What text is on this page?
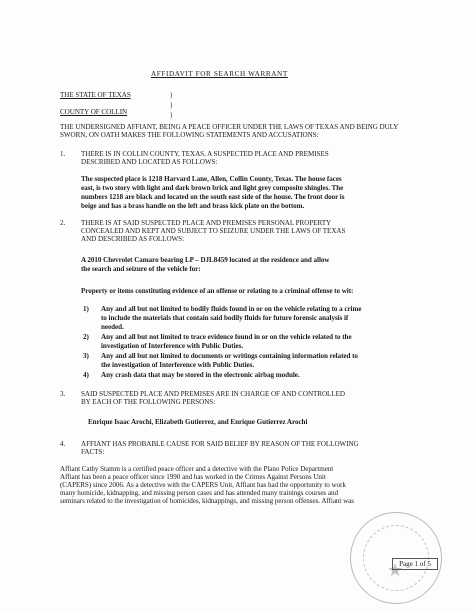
AFFIDAVIT FOR SEARCH WARRANT
THE STATE OF TEXAS	)
)
COUNTY OF COLLIN	)
THE UNDERSIGNED AFFIANT, BEING A PEACE OFFICER UNDER THE LAWS OF TEXAS AND BEING DULY
SWORN, ON OATH MAKES THE FOLLOWING STATEMENTS AND ACCUSATIONS:
1. THERE IS IN COLLIN COUNTY, TEXAS, A SUSPECTED PLACE AND PREMISES
DESCRIBED AND LOCATED AS FOLLOWS:
The suspected place is 1218 Harvard Lane, Allen, Collin County, Texas. The house faces
east, is two story with light and dark brown brick and light grey composite shingles. The
numbers 1218 are black and located on the south east side of the house. The front door is
beige and has a brass handle on the left and brass kick plate on the bottom.
2. THERE IS AT SAID SUSPECTED PLACE AND PREMISES PERSONAL PROPERTY
CONCEALED AND KEPT AND SUBJECT TO SEIZURE UNDER THE LAWS OF TEXAS
AND DESCRIBED AS FOLLOWS:
A 2010 Chevrolet Camaro bearing LP – DJL8459 located at the residence and allow
the search and seizure of the vehicle for:
Property or items constituting evidence of an offense or relating to a criminal offense to wit:
1) Any and all but not limited to bodily fluids found in or on the vehicle relating to a crime
to include the materials that contain said bodily fluids for future forensic analysis if
needed.
2) Any and all but not limited to trace evidence found in or on the vehicle related to the
investigation of Interference with Public Duties.
3) Any and all but not limited to documents or writings containing information related to
the investigation of Interference with Public Duties.
4) Any crash data that may be stored in the electronic airbag module.
3. SAID SUSPECTED PLACE AND PREMISES ARE IN CHARGE OF AND CONTROLLED
BY EACH OF THE FOLLOWING PERSONS:
Enrique Isaac Arochi, Elizabeth Gutierrez, and Enrique Gutierrez Arochi
4. AFFIANT HAS PROBABLE CAUSE FOR SAID BELIEF BY REASON OF THE FOLLOWING
FACTS:
Affiant Cathy Stamm is a certified peace officer and a detective with the Plano Police Department
Affiant has been a peace officer since 1990 and has worked in the Crimes Against Persons Unit
(CAPERS) since 2006. As a detective with the CAPERS Unit, Affiant has had the opportunity to work
many homicide, kidnapping, and missing person cases and has attended many trainings courses and
seminars related to the investigation of homicides, kidnappings, and missing person offenses. Affiant was
★
Page 1 of 5
